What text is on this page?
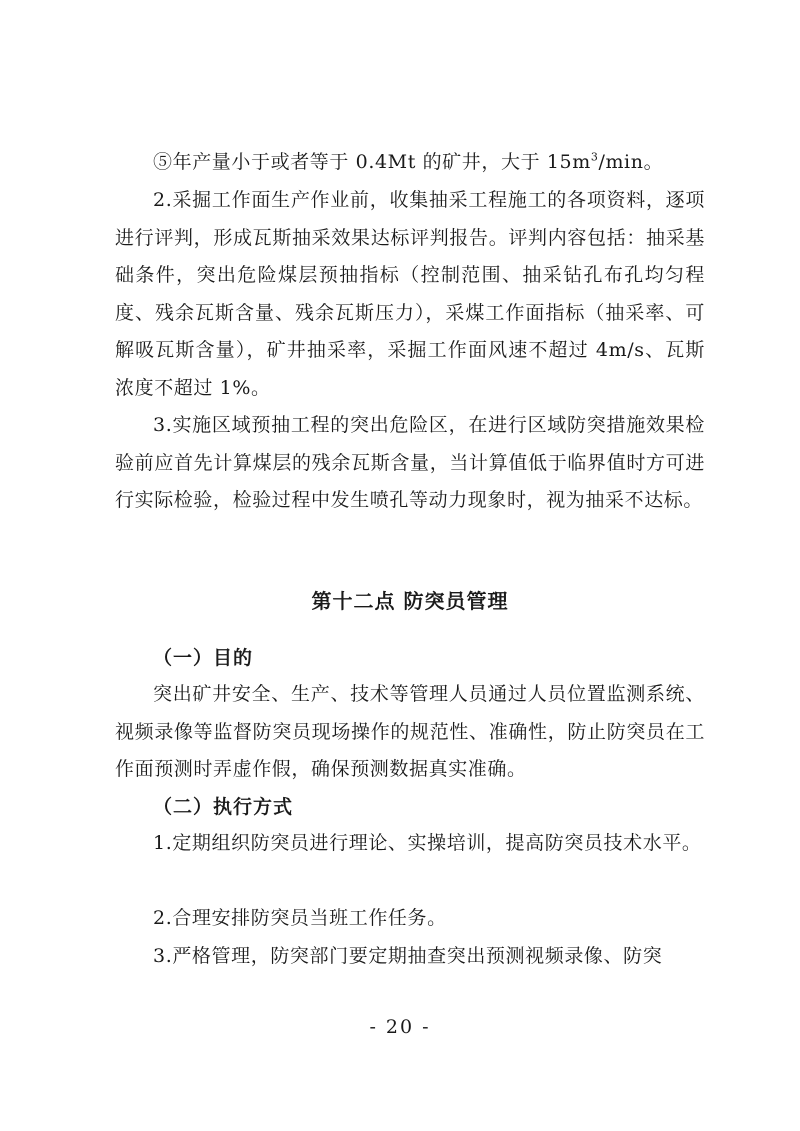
⑤年产量小于或者等于 0.4Mt 的矿井，大于 $15m^3/\min$。

2.采掘工作面生产作业前，收集抽采工程施工的各项资料，逐项进行评判，形成瓦斯抽采效果达标评判报告。评判内容包括：抽采基础条件，突出危险煤层预抽指标（控制范围、抽采钻孔布孔均匀程度、残余瓦斯含量、残余瓦斯压力），采煤工作面指标（抽采率、可解吸瓦斯含量），矿井抽采率，采掘工作面风速不超过 4m/s、瓦斯浓度不超过 1%。

3.实施区域预抽工程的突出危险区，在进行区域防突措施效果检验前应首先计算煤层的残余瓦斯含量，当计算值低于临界值时方可进行实际检验，检验过程中发生喷孔等动力现象时，视为抽采不达标。

第十二点 防突员管理
（一）目的

突出矿井安全、生产、技术等管理人员通过人员位置监测系统、视频录像等监督防突员现场操作的规范性、准确性，防止防突员在工作面预测时弄虚作假，确保预测数据真实准确。

（二）执行方式

1.定期组织防突员进行理论、实操培训，提高防突员技术水平。

2.合理安排防突员当班工作任务。

3.严格管理，防突部门要定期抽查突出预测视频录像、防突

- 20 -
